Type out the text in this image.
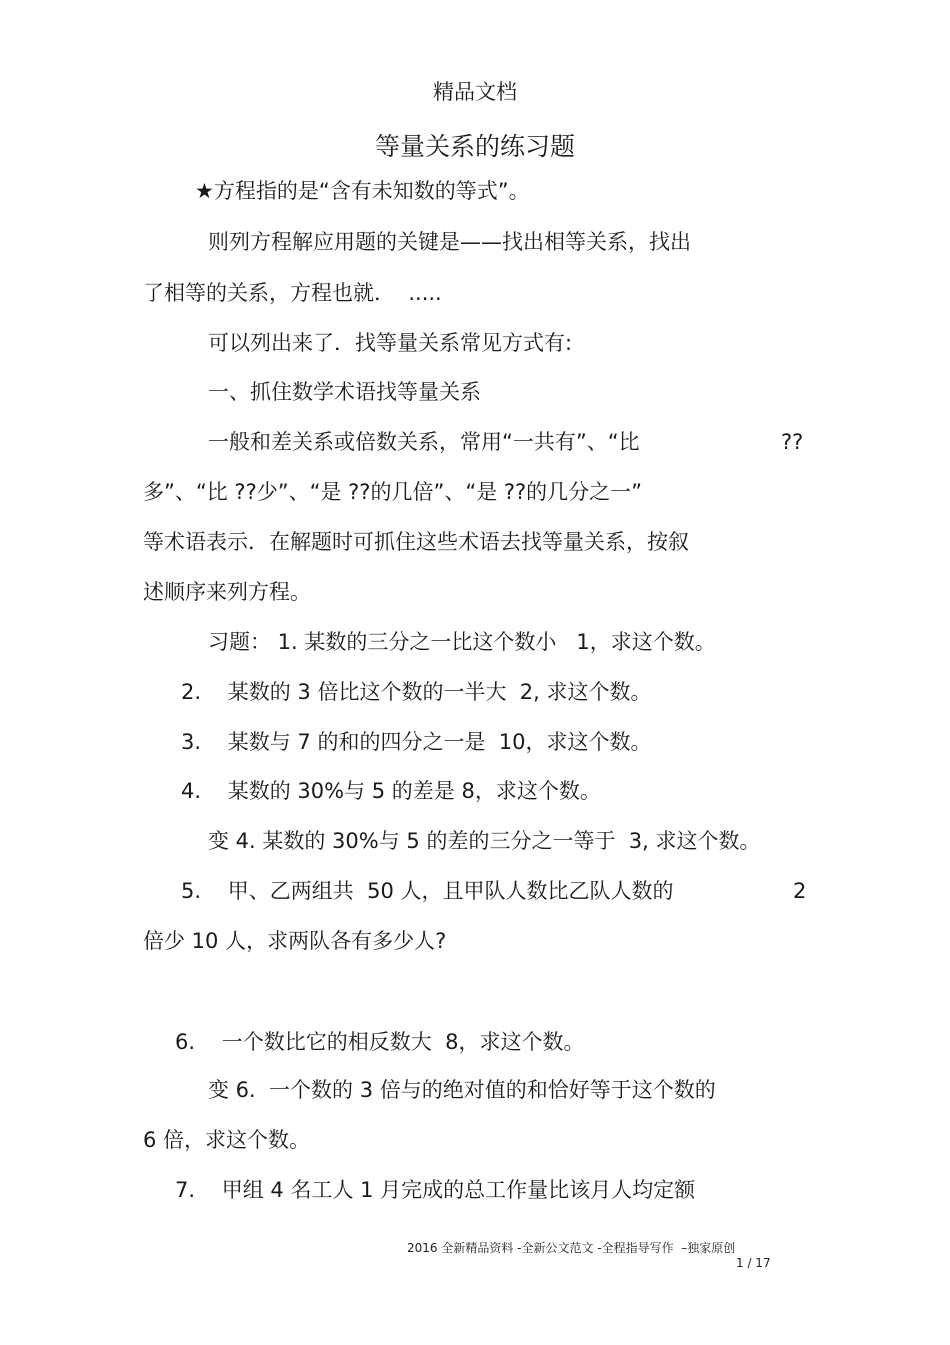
精品文档
等量关系的练习题
★方程指的是“含有未知数的等式”。
则列方程解应用题的关键是——找出相等关系，找出
了相等的关系，方程也就．  .....
可以列出来了．找等量关系常见方式有:
一、抓住数学术语找等量关系
一般和差关系或倍数关系，常用“一共有”、“比	??
多”、“比 ??少”、“是 ??的几倍”、“是 ??的几分之一”
等术语表示．在解题时可抓住这些术语去找等量关系，按叙
述顺序来列方程。
习题： 1. 某数的三分之一比这个数小   1，求这个数。
2.    某数的 3 倍比这个数的一半大  2, 求这个数。
3.    某数与 7 的和的四分之一是  10，求这个数。
4.    某数的 30%与 5 的差是 8，求这个数。
变 4. 某数的 30%与 5 的差的三分之一等于  3, 求这个数。
5.    甲、乙两组共  50 人，且甲队人数比乙队人数的	2
倍少 10 人，求两队各有多少人?
6.    一个数比它的相反数大  8，求这个数。
变 6.  一个数的 3 倍与的绝对值的和恰好等于这个数的
6 倍，求这个数。
7.    甲组 4 名工人 1 月完成的总工作量比该月人均定额
2016 全新精品资料 -全新公文范文 -全程指导写作  –独家原创
1 / 17
